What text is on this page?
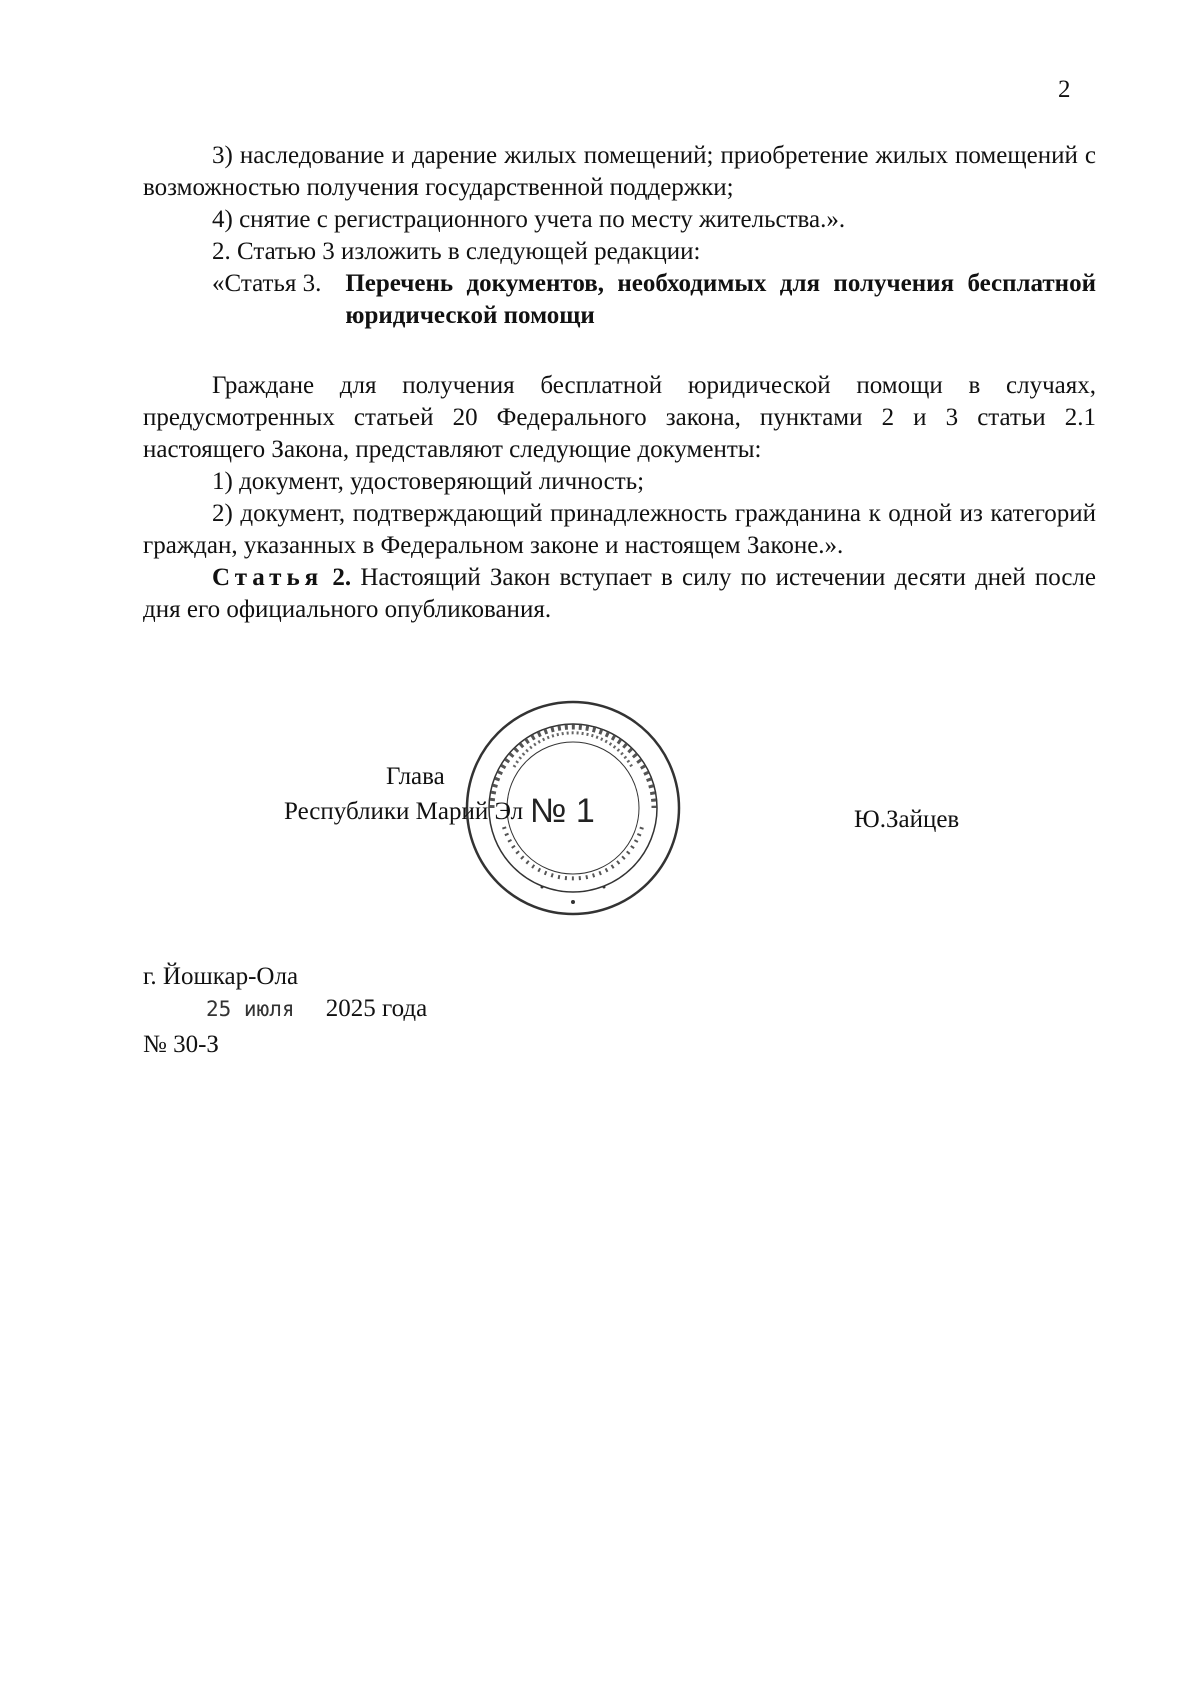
2

3) наследование и дарение жилых помещений; приобретение жилых помещений с возможностью получения государственной поддержки;

4) снятие с регистрационного учета по месту жительства.».

2. Статью 3 изложить в следующей редакции:

«Статья 3. Перечень документов, необходимых для получения бесплатной юридической помощи

Граждане для получения бесплатной юридической помощи в случаях, предусмотренных статьей 20 Федерального закона, пунктами 2 и 3 статьи 2.1 настоящего Закона, представляют следующие документы:

1) документ, удостоверяющий личность;

2) документ, подтверждающий принадлежность гражданина к одной из категорий граждан, указанных в Федеральном законе и настоящем Законе.».

Статья 2. Настоящий Закон вступает в силу по истечении десяти дней после дня его официального опубликования.

№ 1
Глава
Республики Марий Эл	Ю.Зайцев
г. Йошкар-Ола
25 июля 2025 года
№ 30-З
